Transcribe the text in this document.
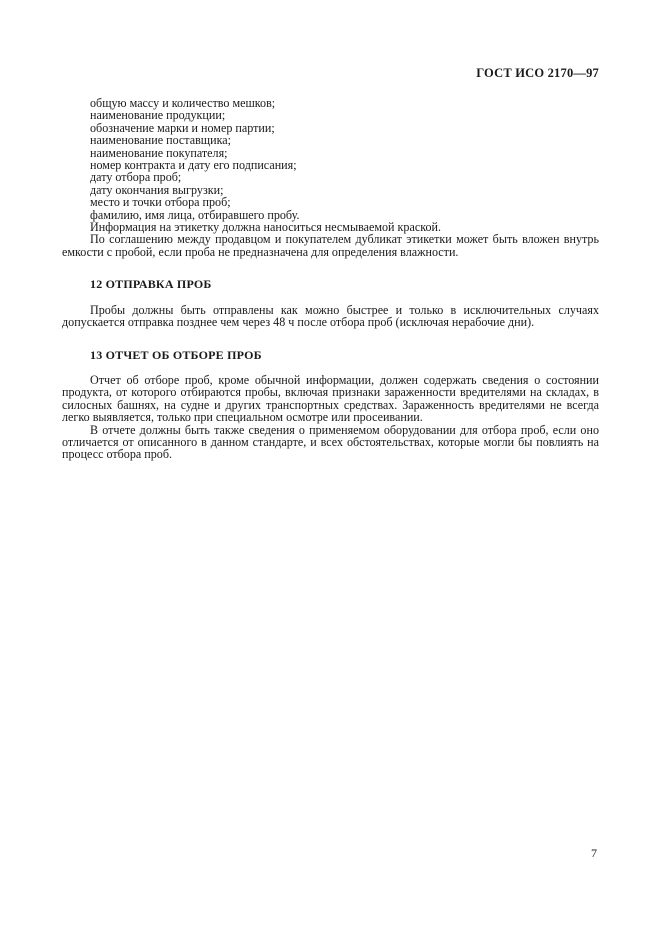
ГОСТ ИСО 2170—97

общую массу и количество мешков;

наименование продукции;

обозначение марки и номер партии;

наименование поставщика;

наименование покупателя;

номер контракта и дату его подписания;

дату отбора проб;

дату окончания выгрузки;

место и точки отбора проб;

фамилию, имя лица, отбиравшего пробу.

Информация на этикетку должна наноситься несмываемой краской.

По соглашению между продавцом и покупателем дубликат этикетки может быть вложен внутрь емкости с пробой, если проба не предназначена для определения влажности.

12 ОТПРАВКА ПРОБ

Пробы должны быть отправлены как можно быстрее и только в исключительных случаях допускается отправка позднее чем через 48 ч после отбора проб (исключая нерабочие дни).

13 ОТЧЕТ ОБ ОТБОРЕ ПРОБ

Отчет об отборе проб, кроме обычной информации, должен содержать сведения о состоянии продукта, от которого отбираются пробы, включая признаки зараженности вредителями на складах, в силосных башнях, на судне и других транспортных средствах. Зараженность вредителями не всегда легко выявляется, только при специальном осмотре или просеивании.

В отчете должны быть также сведения о применяемом оборудовании для отбора проб, если оно отличается от описанного в данном стандарте, и всех обстоятельствах, которые могли бы повлиять на процесс отбора проб.

7
